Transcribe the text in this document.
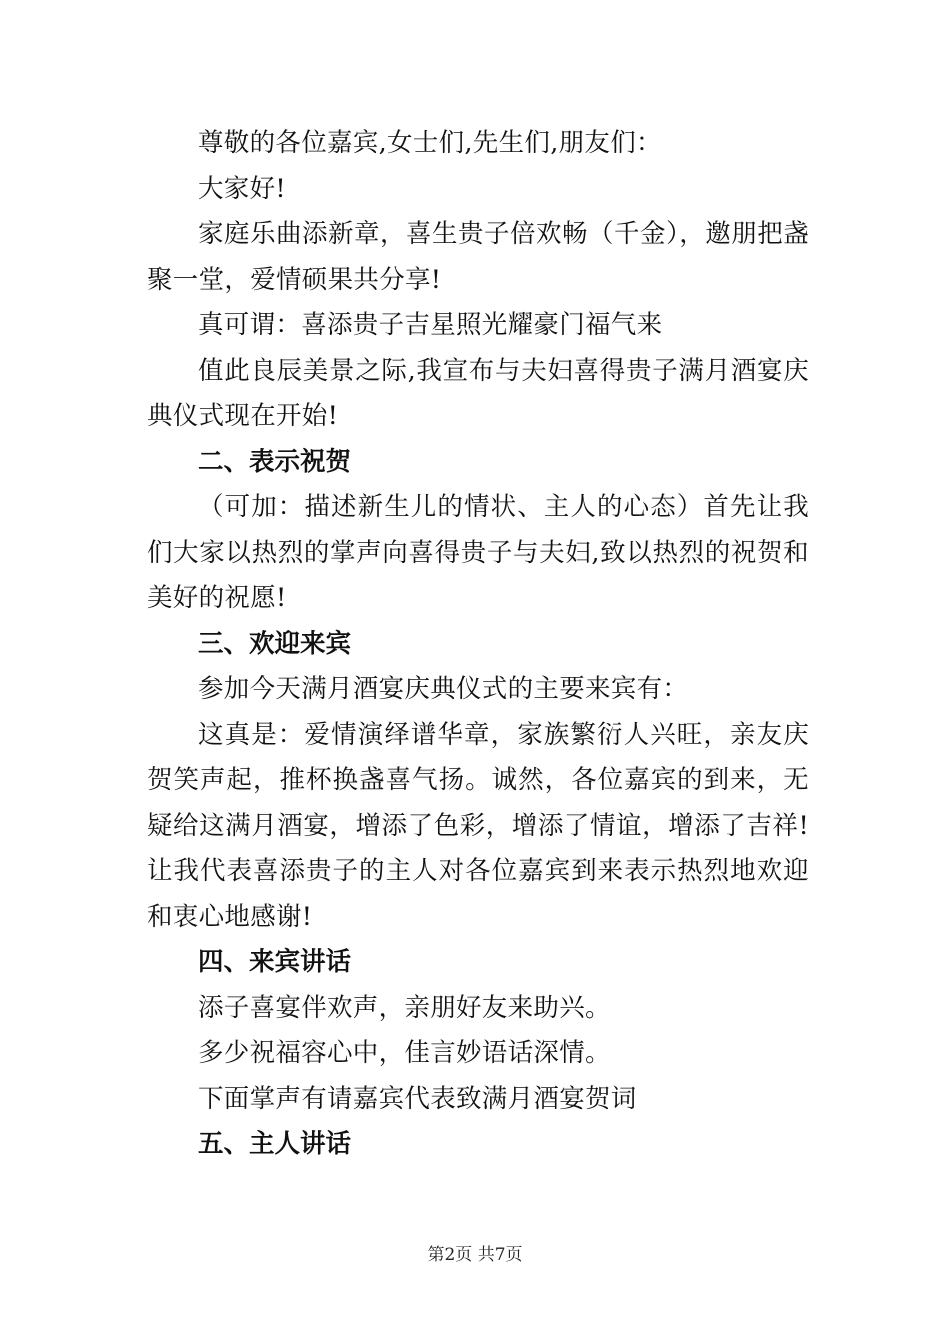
尊敬的各位嘉宾,女士们,先生们,朋友们：

大家好!

家庭乐曲添新章，喜生贵子倍欢畅（千金），邀朋把盏聚一堂，爱情硕果共分享!

真可谓：喜添贵子吉星照光耀豪门福气来

值此良辰美景之际,我宣布与夫妇喜得贵子满月酒宴庆典仪式现在开始!

二、表示祝贺

（可加：描述新生儿的情状、主人的心态）首先让我们大家以热烈的掌声向喜得贵子与夫妇,致以热烈的祝贺和美好的祝愿!

三、欢迎来宾

参加今天满月酒宴庆典仪式的主要来宾有：

这真是：爱情演绎谱华章，家族繁衍人兴旺，亲友庆贺笑声起，推杯换盏喜气扬。诚然，各位嘉宾的到来，无疑给这满月酒宴，增添了色彩，增添了情谊，增添了吉祥!让我代表喜添贵子的主人对各位嘉宾到来表示热烈地欢迎和衷心地感谢!

四、来宾讲话

添子喜宴伴欢声，亲朋好友来助兴。

多少祝福容心中，佳言妙语话深情。

下面掌声有请嘉宾代表致满月酒宴贺词

五、主人讲话

第2页 共7页
